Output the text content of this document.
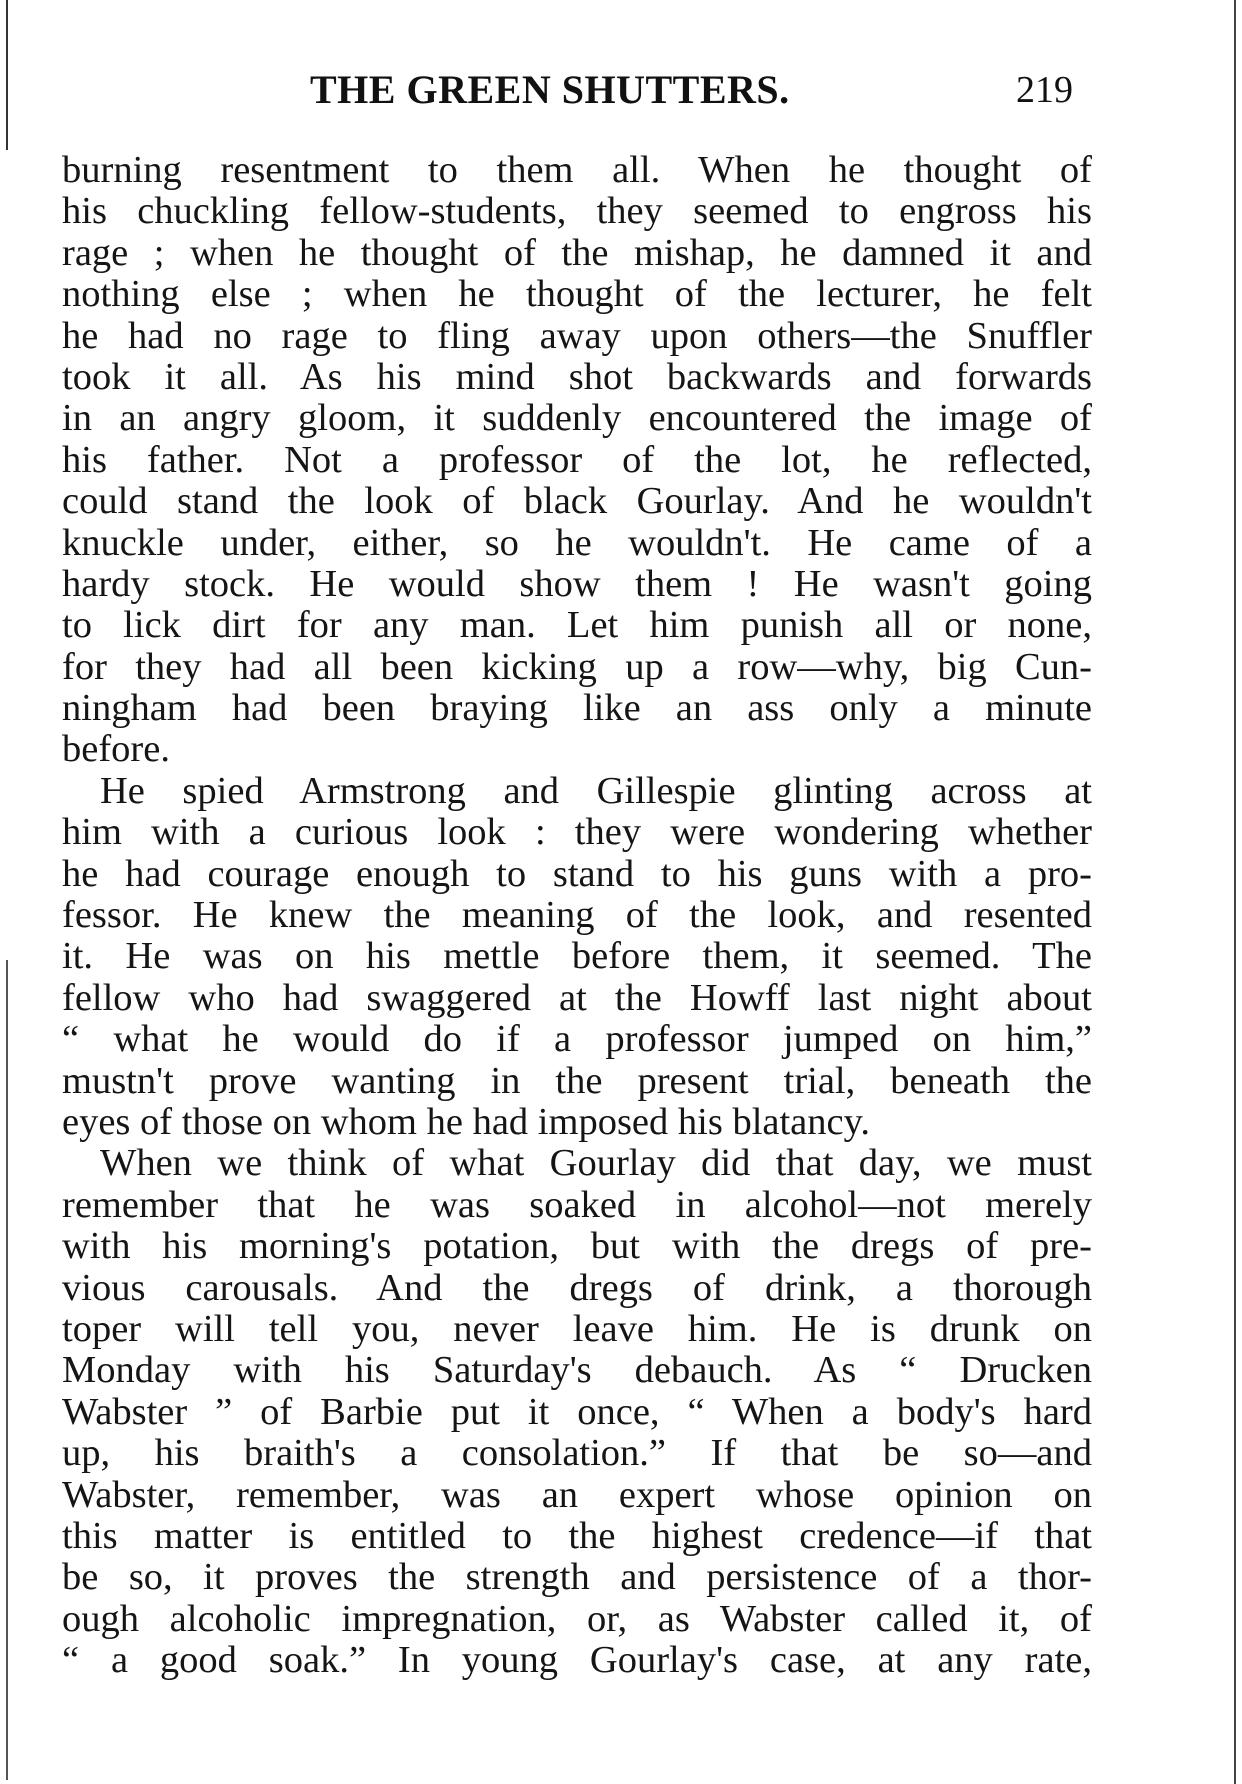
THE GREEN SHUTTERS.	219
burning resentment to them all. When he thought of
his chuckling fellow-students, they seemed to engross his
rage ; when he thought of the mishap, he damned it and
nothing else ; when he thought of the lecturer, he felt
he had no rage to fling away upon others—the Snuffler
took it all. As his mind shot backwards and forwards
in an angry gloom, it suddenly encountered the image of
his father. Not a professor of the lot, he reflected,
could stand the look of black Gourlay. And he wouldn't
knuckle under, either, so he wouldn't. He came of a
hardy stock. He would show them ! He wasn't going
to lick dirt for any man. Let him punish all or none,
for they had all been kicking up a row—why, big Cun-
ningham had been braying like an ass only a minute
before.
He spied Armstrong and Gillespie glinting across at
him with a curious look : they were wondering whether
he had courage enough to stand to his guns with a pro-
fessor. He knew the meaning of the look, and resented
it. He was on his mettle before them, it seemed. The
fellow who had swaggered at the Howff last night about
“ what he would do if a professor jumped on him,”
mustn't prove wanting in the present trial, beneath the
eyes of those on whom he had imposed his blatancy.
When we think of what Gourlay did that day, we must
remember that he was soaked in alcohol—not merely
with his morning's potation, but with the dregs of pre-
vious carousals. And the dregs of drink, a thorough
toper will tell you, never leave him. He is drunk on
Monday with his Saturday's debauch. As “ Drucken
Wabster ” of Barbie put it once, “ When a body's hard
up, his braith's a consolation.” If that be so—and
Wabster, remember, was an expert whose opinion on
this matter is entitled to the highest credence—if that
be so, it proves the strength and persistence of a thor-
ough alcoholic impregnation, or, as Wabster called it, of
“ a good soak.” In young Gourlay's case, at any rate,
